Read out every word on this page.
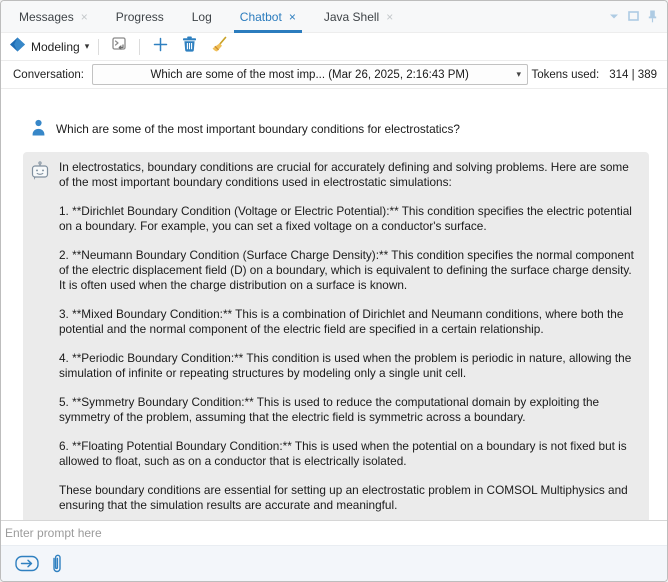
Messages × Progress Log Chatbot × Java Shell ×
Modeling ▾
Conversation:	Which are some of the most imp... (Mar 26, 2025, 2:16:43 PM)	▾ Tokens used: 314 | 389
Which are some of the most important boundary conditions for electrostatics?

In electrostatics, boundary conditions are crucial for accurately defining and solving problems. Here are some of the most important boundary conditions used in electrostatic simulations:

1. **Dirichlet Boundary Condition (Voltage or Electric Potential):** This condition specifies the electric potential on a boundary. For example, you can set a fixed voltage on a conductor's surface.

2. **Neumann Boundary Condition (Surface Charge Density):** This condition specifies the normal component of the electric displacement field (D) on a boundary, which is equivalent to defining the surface charge density. It is often used when the charge distribution on a surface is known.

3. **Mixed Boundary Condition:** This is a combination of Dirichlet and Neumann conditions, where both the potential and the normal component of the electric field are specified in a certain relationship.

4. **Periodic Boundary Condition:** This condition is used when the problem is periodic in nature, allowing the simulation of infinite or repeating structures by modeling only a single unit cell.

5. **Symmetry Boundary Condition:** This is used to reduce the computational domain by exploiting the symmetry of the problem, assuming that the electric field is symmetric across a boundary.

6. **Floating Potential Boundary Condition:** This is used when the potential on a boundary is not fixed but is allowed to float, such as on a conductor that is electrically isolated.

These boundary conditions are essential for setting up an electrostatic problem in COMSOL Multiphysics and ensuring that the simulation results are accurate and meaningful.

Enter prompt here
